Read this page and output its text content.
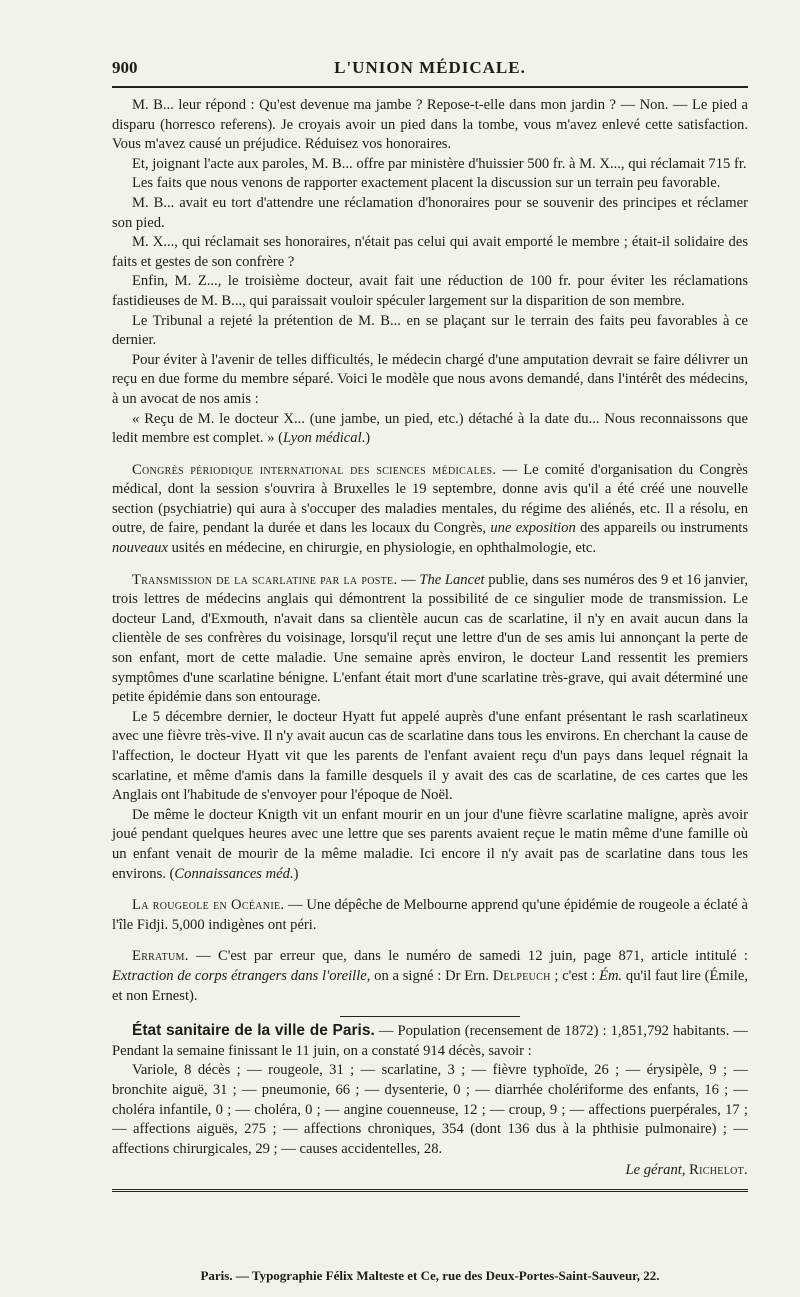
900	L'UNION MÉDICALE.

M. B... leur répond : Qu'est devenue ma jambe ? Repose-t-elle dans mon jardin ? — Non. — Le pied a disparu (horresco referens). Je croyais avoir un pied dans la tombe, vous m'avez enlevé cette satisfaction. Vous m'avez causé un préjudice. Réduisez vos honoraires.

Et, joignant l'acte aux paroles, M. B... offre par ministère d'huissier 500 fr. à M. X..., qui réclamait 715 fr.

Les faits que nous venons de rapporter exactement placent la discussion sur un terrain peu favorable.

M. B... avait eu tort d'attendre une réclamation d'honoraires pour se souvenir des principes et réclamer son pied.

M. X..., qui réclamait ses honoraires, n'était pas celui qui avait emporté le membre ; était-il solidaire des faits et gestes de son confrère ?

Enfin, M. Z..., le troisième docteur, avait fait une réduction de 100 fr. pour éviter les réclamations fastidieuses de M. B..., qui paraissait vouloir spéculer largement sur la disparition de son membre.

Le Tribunal a rejeté la prétention de M. B... en se plaçant sur le terrain des faits peu favorables à ce dernier.

Pour éviter à l'avenir de telles difficultés, le médecin chargé d'une amputation devrait se faire délivrer un reçu en due forme du membre séparé. Voici le modèle que nous avons demandé, dans l'intérêt des médecins, à un avocat de nos amis :

« Reçu de M. le docteur X... (une jambe, un pied, etc.) détaché à la date du... Nous reconnaissons que ledit membre est complet. » (Lyon médical.)

Congrès périodique international des sciences médicales. — Le comité d'organisation du Congrès médical, dont la session s'ouvrira à Bruxelles le 19 septembre, donne avis qu'il a été créé une nouvelle section (psychiatrie) qui aura à s'occuper des maladies mentales, du régime des aliénés, etc. Il a résolu, en outre, de faire, pendant la durée et dans les locaux du Congrès, une exposition des appareils ou instruments nouveaux usités en médecine, en chirurgie, en physiologie, en ophthalmologie, etc.

Transmission de la scarlatine par la poste. — The Lancet publie, dans ses numéros des 9 et 16 janvier, trois lettres de médecins anglais qui démontrent la possibilité de ce singulier mode de transmission. Le docteur Land, d'Exmouth, n'avait dans sa clientèle aucun cas de scarlatine, il n'y en avait aucun dans la clientèle de ses confrères du voisinage, lorsqu'il reçut une lettre d'un de ses amis lui annonçant la perte de son enfant, mort de cette maladie. Une semaine après environ, le docteur Land ressentit les premiers symptômes d'une scarlatine bénigne. L'enfant était mort d'une scarlatine très-grave, qui avait déterminé une petite épidémie dans son entourage.

Le 5 décembre dernier, le docteur Hyatt fut appelé auprès d'une enfant présentant le rash scarlatineux avec une fièvre très-vive. Il n'y avait aucun cas de scarlatine dans tous les environs. En cherchant la cause de l'affection, le docteur Hyatt vit que les parents de l'enfant avaient reçu d'un pays dans lequel régnait la scarlatine, et même d'amis dans la famille desquels il y avait des cas de scarlatine, de ces cartes que les Anglais ont l'habitude de s'envoyer pour l'époque de Noël.

De même le docteur Knigth vit un enfant mourir en un jour d'une fièvre scarlatine maligne, après avoir joué pendant quelques heures avec une lettre que ses parents avaient reçue le matin même d'une famille où un enfant venait de mourir de la même maladie. Ici encore il n'y avait pas de scarlatine dans tous les environs. (Connaissances méd.)

La rougeole en Océanie. — Une dépêche de Melbourne apprend qu'une épidémie de rougeole a éclaté à l'île Fidji. 5,000 indigènes ont péri.

Erratum. — C'est par erreur que, dans le numéro de samedi 12 juin, page 871, article intitulé : Extraction de corps étrangers dans l'oreille, on a signé : Dr Ern. Delpeuch ; c'est : Ém. qu'il faut lire (Émile, et non Ernest).

État sanitaire de la ville de Paris. — Population (recensement de 1872) : 1,851,792 habitants. — Pendant la semaine finissant le 11 juin, on a constaté 914 décès, savoir :

Variole, 8 décès ; — rougeole, 31 ; — scarlatine, 3 ; — fièvre typhoïde, 26 ; — érysipèle, 9 ; — bronchite aiguë, 31 ; — pneumonie, 66 ; — dysenterie, 0 ; — diarrhée cholériforme des enfants, 16 ; — choléra infantile, 0 ; — choléra, 0 ; — angine couenneuse, 12 ; — croup, 9 ; — affections puerpérales, 17 ; — affections aiguës, 275 ; — affections chroniques, 354 (dont 136 dus à la phthisie pulmonaire) ; — affections chirurgicales, 29 ; — causes accidentelles, 28.

Le gérant, Richelot.
Paris. — Typographie Félix Malteste et Ce, rue des Deux-Portes-Saint-Sauveur, 22.
